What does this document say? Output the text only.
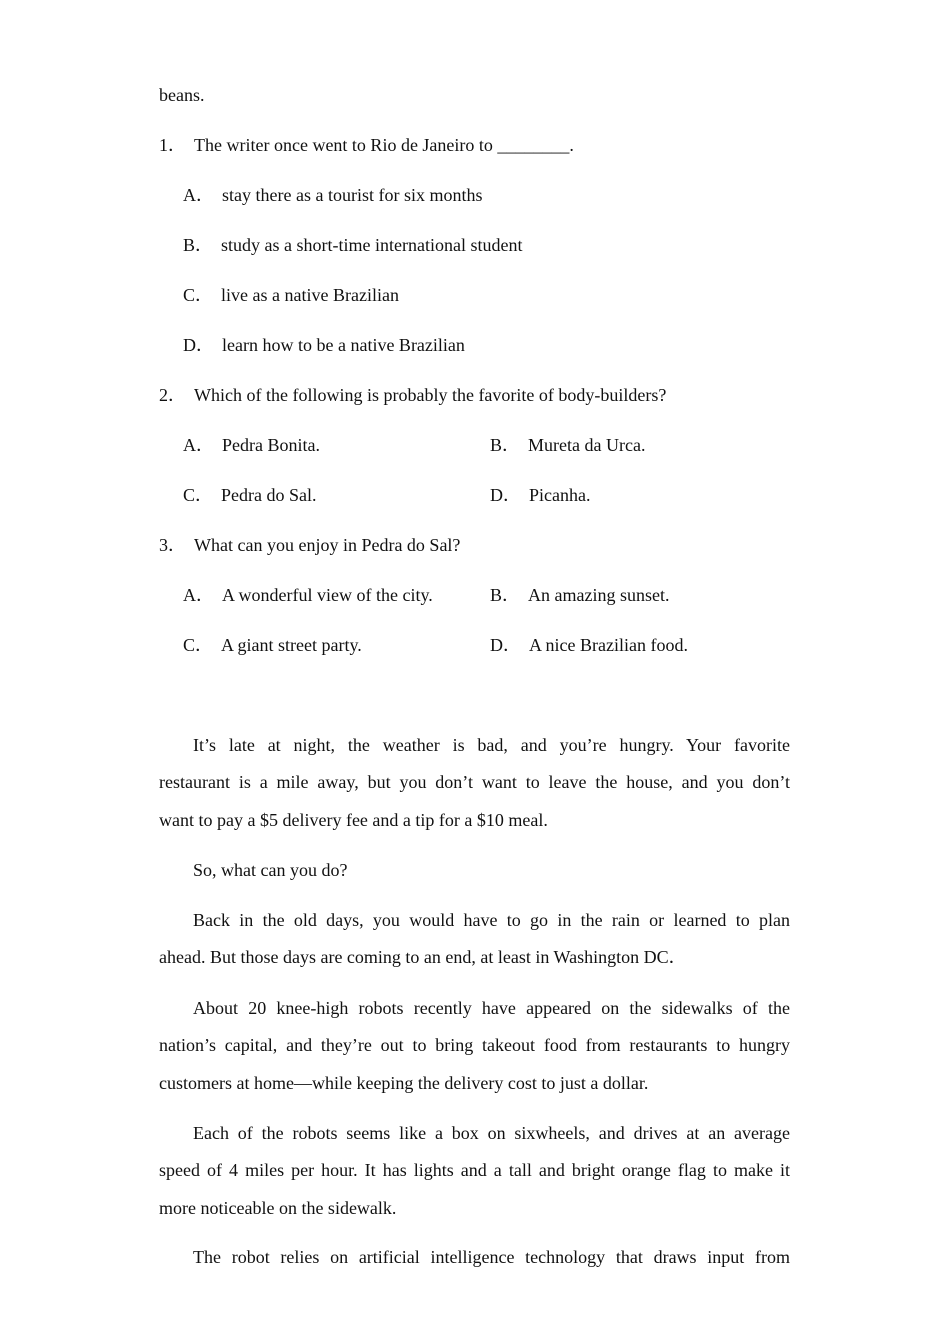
beans.
1． The writer once went to Rio de Janeiro to ________.
A． stay there as a tourist for six months
B． study as a short-time international student
C． live as a native Brazilian
D． learn how to be a native Brazilian
2． Which of the following is probably the favorite of body-builders?
A． Pedra Bonita.	B． Mureta da Urca.
C． Pedra do Sal.	D． Picanha.
3． What can you enjoy in Pedra do Sal?
A． A wonderful view of the city.	B． An amazing sunset.
C． A giant street party.	D． A nice Brazilian food.
It’s late at night, the weather is bad, and you’re hungry. Your favorite
restaurant is a mile away, but you don’t want to leave the house, and you don’t
want to pay a $5 delivery fee and a tip for a $10 meal.
So, what can you do?
Back in the old days, you would have to go in the rain or learned to plan
ahead. But those days are coming to an end, at least in Washington DC．
About 20 knee-high robots recently have appeared on the sidewalks of the
nation’s capital, and they’re out to bring takeout food from restaurants to hungry
customers at home—while keeping the delivery cost to just a dollar.
Each of the robots seems like a box on sixwheels, and drives at an average
speed of 4 miles per hour. It has lights and a tall and bright orange flag to make it
more noticeable on the sidewalk.
The robot relies on artificial intelligence technology that draws input from
